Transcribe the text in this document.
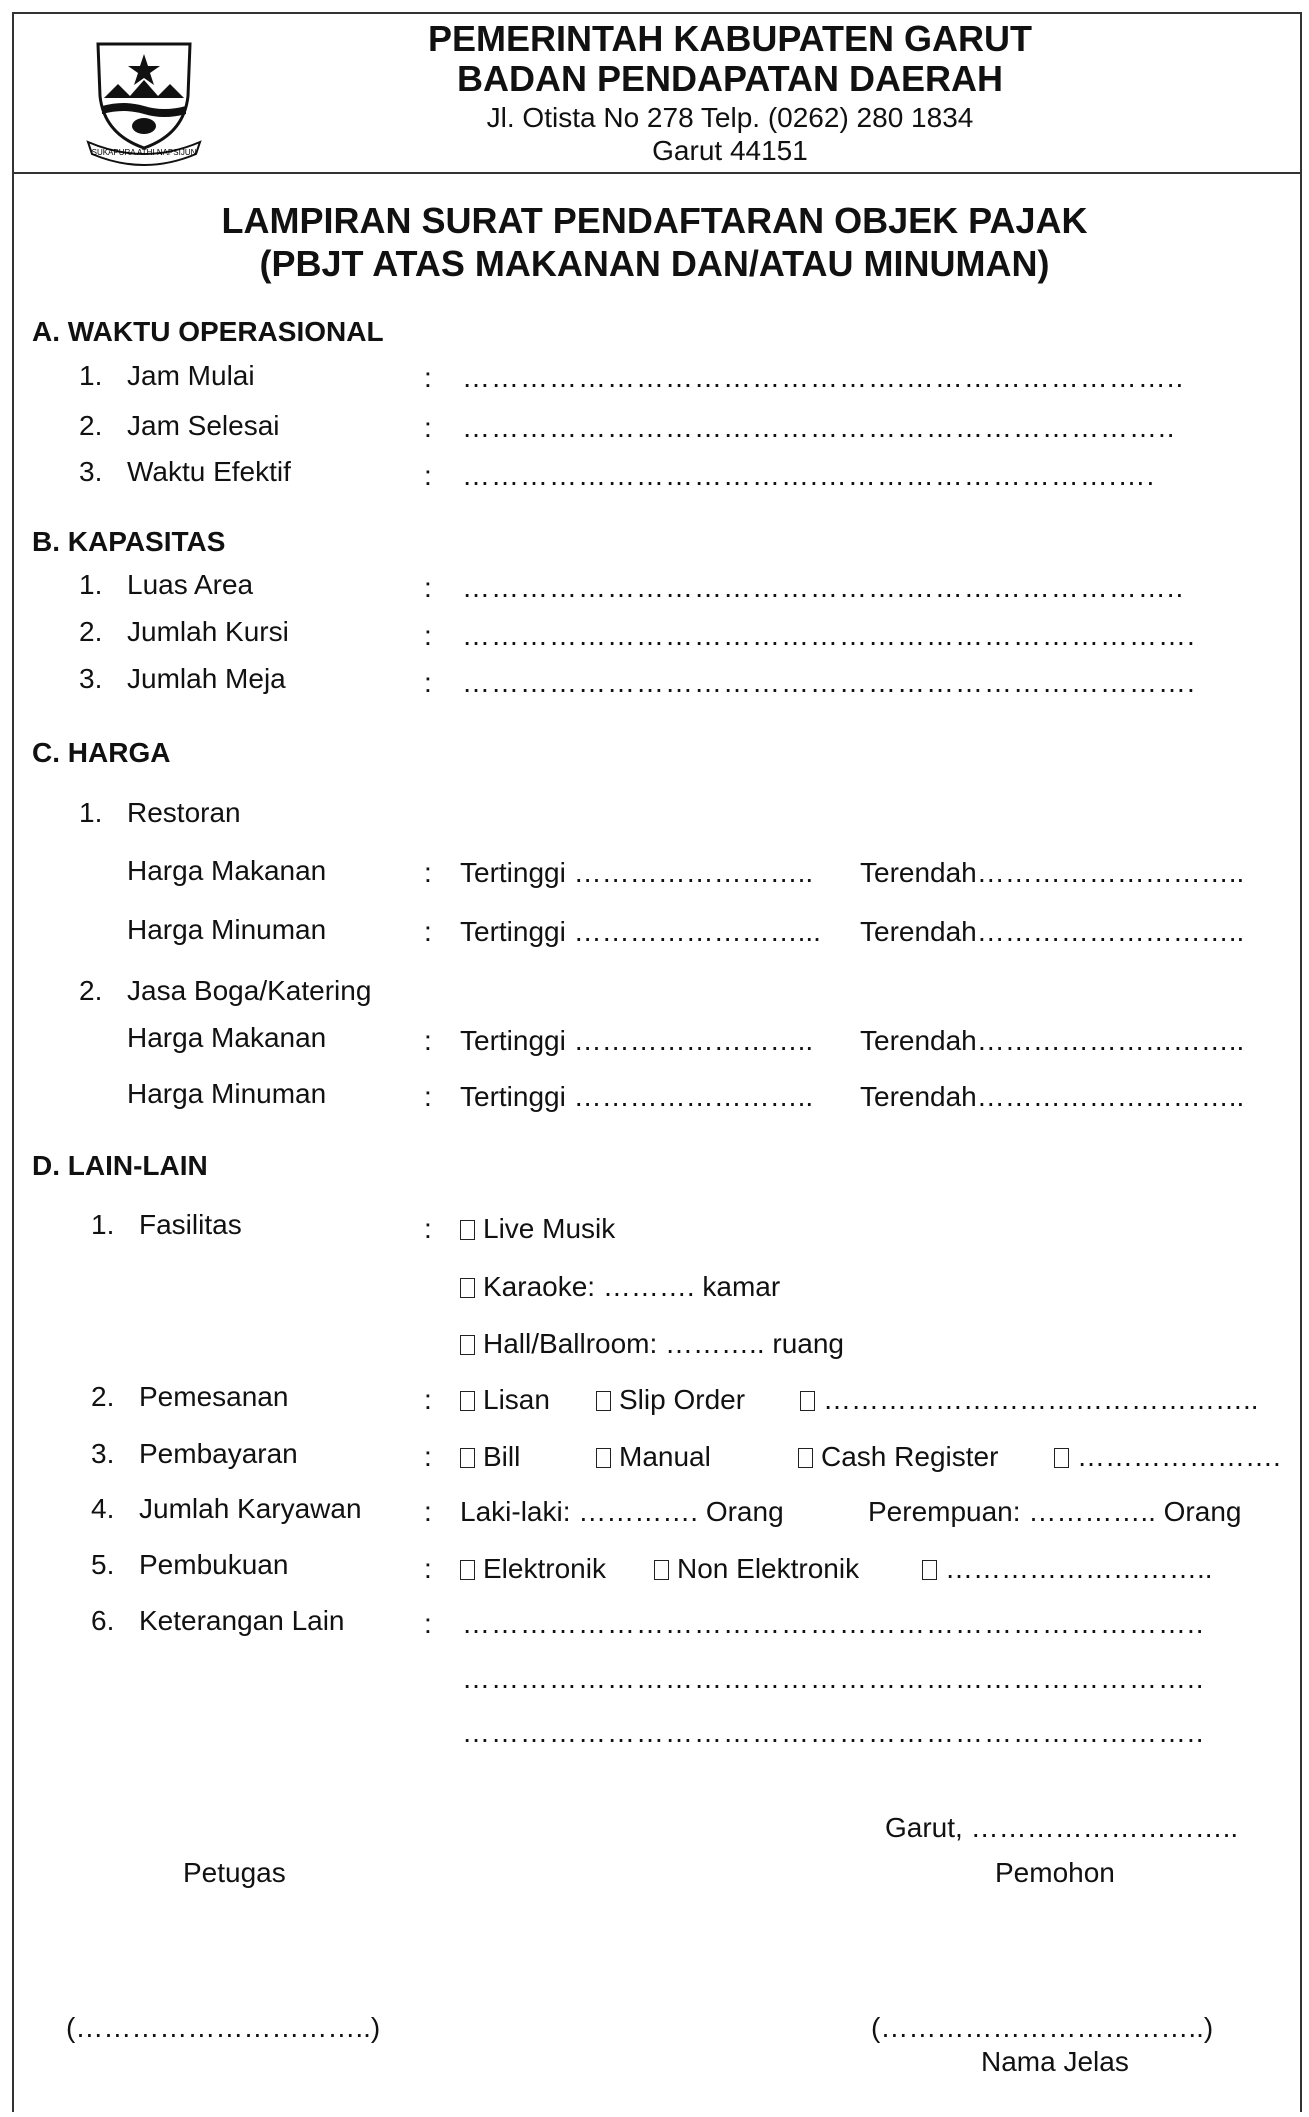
SUKAPURA ATHI NAPSIJUN
PEMERINTAH KABUPATEN GARUT
BADAN PENDAPATAN DAERAH
Jl. Otista No 278 Telp. (0262) 280 1834
Garut 44151
LAMPIRAN SURAT PENDAFTARAN OBJEK PAJAK
(PBJT ATAS MAKANAN DAN/ATAU MINUMAN)
A. WAKTU OPERASIONAL
1. Jam Mulai	: ……………………………………….………………………..
2. Jam Selesai	: ………………………………………………………………..
3. Waktu Efektif	: ……………………………….………………………….….
B. KAPASITAS
1. Luas Area	: ……………………………………….………………………..
2. Jumlah Kursi	: ………………………………………………………………….
3. Jumlah Meja	: ………………………………………………………………….
C. HARGA
1. Restoran
Harga Makanan	: Tertinggi …………………….. Terendah………………………..
Harga Minuman	: Tertinggi ……………………... Terendah………………………..
2. Jasa Boga/Katering
Harga Makanan	: Tertinggi …………………….. Terendah………………………..
Harga Minuman	: Tertinggi …………………….. Terendah………………………..
D. LAIN-LAIN
1. Fasilitas	:	Live Musik
Karaoke: ………. kamar
Hall/Ballroom: ……….. ruang
2. Pemesanan	:	Lisan	Slip Order	………………………………………..
3. Pembayaran	:	Bill	Manual	Cash Register	………………….
4. Jumlah Karyawan : Laki-laki: …………. Orang	Perempuan: ………….. Orang
5. Pembukuan	:	Elektronik	Non Elektronik	………………………..
6. Keterangan Lain	: …………………………………………………………………..
…………………………………………………………………..
…………………………………………………………………..
Garut, ………………………..
Petugas	Pemohon
(…………………………..)	(……………………………..)
Nama Jelas
